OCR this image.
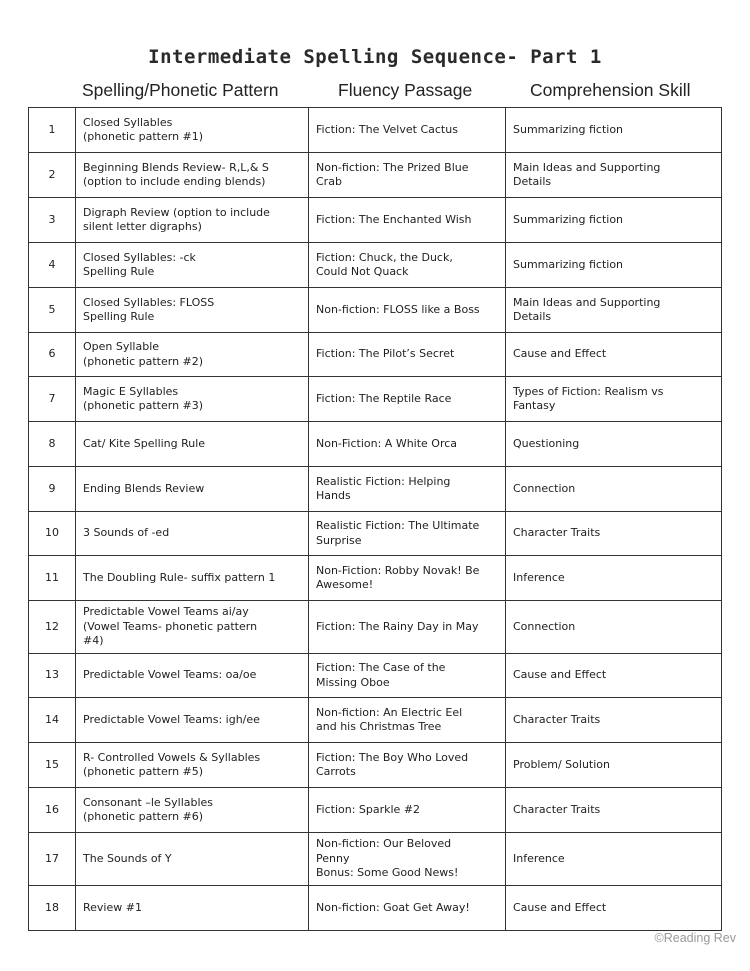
Intermediate Spelling Sequence- Part 1
Spelling/Phonetic Pattern	Fluency Passage	Comprehension Skill
1	Closed Syllables
(phonetic pattern #1)	Fiction: The Velvet Cactus	Summarizing fiction
2	Beginning Blends Review- R,L,& S
(option to include ending blends)	Non-fiction: The Prized Blue
Crab	Main Ideas and Supporting
Details
3	Digraph Review (option to include
silent letter digraphs)	Fiction: The Enchanted Wish	Summarizing fiction
4	Closed Syllables: -ck
Spelling Rule	Fiction: Chuck, the Duck,
Could Not Quack	Summarizing fiction
5	Closed Syllables: FLOSS
Spelling Rule	Non-fiction: FLOSS like a Boss	Main Ideas and Supporting
Details
6	Open Syllable
(phonetic pattern #2)	Fiction: The Pilot’s Secret	Cause and Effect
7	Magic E Syllables
(phonetic pattern #3)	Fiction: The Reptile Race	Types of Fiction: Realism vs
Fantasy
8	Cat/ Kite Spelling Rule	Non-Fiction: A White Orca	Questioning
9	Ending Blends Review	Realistic Fiction: Helping
Hands	Connection
10	3 Sounds of -ed	Realistic Fiction: The Ultimate
Surprise	Character Traits
11	The Doubling Rule- suffix pattern 1	Non-Fiction: Robby Novak! Be
Awesome!	Inference
12	Predictable Vowel Teams ai/ay
(Vowel Teams- phonetic pattern
#4)	Fiction: The Rainy Day in May	Connection
13	Predictable Vowel Teams: oa/oe	Fiction: The Case of the
Missing Oboe	Cause and Effect
14	Predictable Vowel Teams: igh/ee	Non-fiction: An Electric Eel
and his Christmas Tree	Character Traits
15	R- Controlled Vowels & Syllables
(phonetic pattern #5)	Fiction: The Boy Who Loved
Carrots	Problem/ Solution
16	Consonant –le Syllables
(phonetic pattern #6)	Fiction: Sparkle #2	Character Traits
17	The Sounds of Y	Non-fiction: Our Beloved
Penny
Bonus: Some Good News!	Inference
18	Review #1	Non-fiction: Goat Get Away!	Cause and Effect
©Reading Rev
